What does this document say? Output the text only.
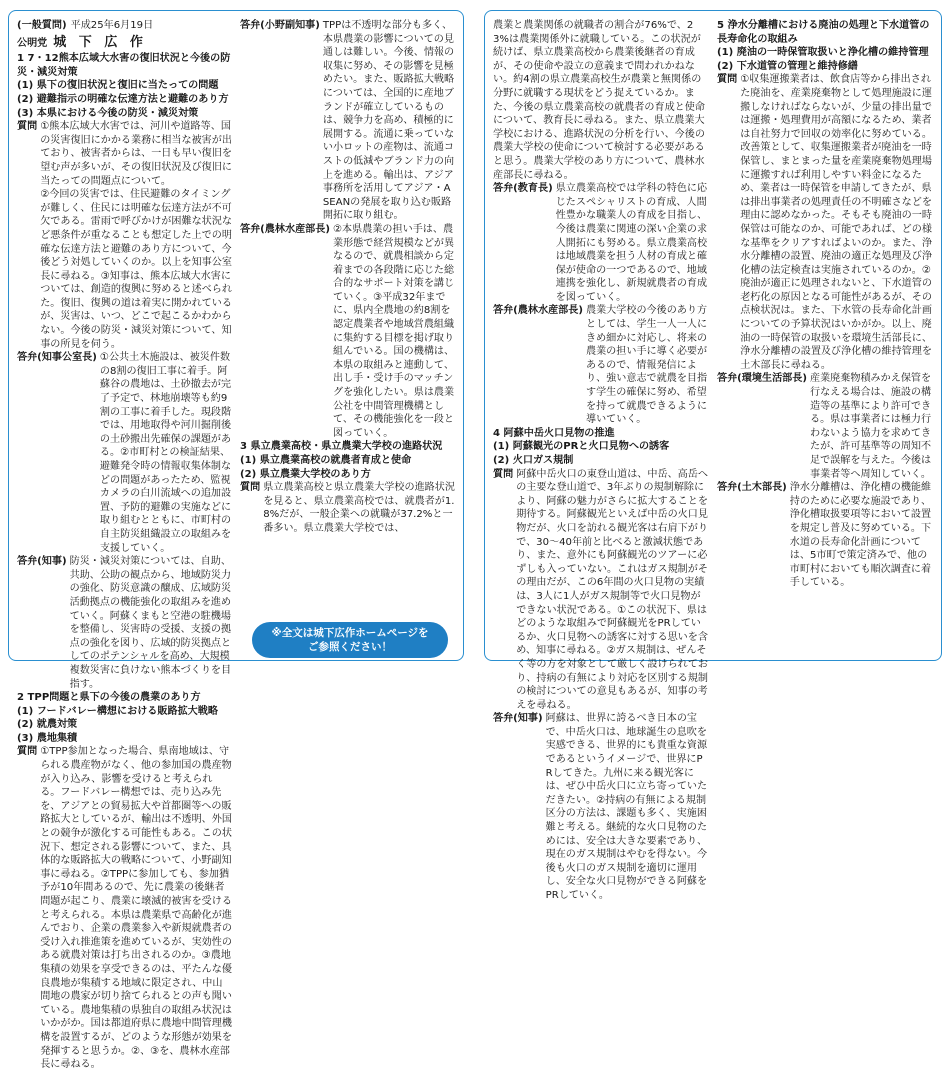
(一般質問) 平成25年6月19日
公明党 城 下 広 作

1 7・12熊本広域大水害の復旧状況と今後の防災・減災対策

(1) 県下の復旧状況と復旧に当たっての問題

(2) 避難指示の明確な伝達方法と避難のあり方

(3) 本県における今後の防災・減災対策

質問 ①熊本広域大水害では、河川や道路等、国の災害復旧にかかる業務に相当な被害が出ており、被害者からは、一日も早い復旧を望む声が多いが、その復旧状況及び復旧に当たっての問題点について。

②今回の災害では、住民避難のタイミングが難しく、住民には明確な伝達方法が不可欠である。雷雨で呼びかけが困難な状況など悪条件が重なることも想定した上での明確な伝達方法と避難のあり方について、今後どう対処していくのか。以上を知事公室長に尋ねる。③知事は、熊本広域大水害については、創造的復興に努めると述べられた。復旧、復興の道は着実に開かれているが、災害は、いつ、どこで起こるかわからない。今後の防災・減災対策について、知事の所見を伺う。

答弁(知事公室長) ①公共土木施設は、被災件数の8割の復旧工事に着手。阿蘇谷の農地は、土砂撤去が完了予定で、林地崩壊等も約9割の工事に着手した。現段階では、用地取得や河川掘削後の土砂搬出先確保の課題がある。②市町村との検証結果、避難発令時の情報収集体制などの問題があったため、監視カメラの白川流域への追加設置、予防的避難の実施などに取り組むとともに、市町村の自主防災組織設立の取組みを支援していく。

答弁(知事) 防災・減災対策については、自助、共助、公助の観点から、地域防災力の強化、防災意識の醸成、広域防災活動拠点の機能強化の取組みを進めていく。阿蘇くまもと空港の駐機場を整備し、災害時の受援、支援の拠点の強化を図り、広域的防災拠点としてのポテンシャルを高め、大規模複数災害に負けない熊本づくりを目指す。

2 TPP問題と県下の今後の農業のあり方

(1) フードバレー構想における販路拡大戦略

(2) 就農対策

(3) 農地集積

質問 ①TPP参加となった場合、県南地域は、守られる農産物がなく、他の参加国の農産物が入り込み、影響を受けると考えられる。フードバレー構想では、売り込み先を、アジアとの貿易拡大や首都圏等への販路拡大としているが、輸出は不透明、外国との競争が激化する可能性もある。この状況下、想定される影響について、また、具体的な販路拡大の戦略について、小野副知事に尋ねる。②TPPに参加しても、参加猶予が10年間あるので、先に農業の後継者問題が起こり、農業に壊滅的被害を受けると考えられる。本県は農業県で高齢化が進んでおり、企業の農業参入や新規就農者の受け入れ推進策を進めているが、実効性のある就農対策は打ち出されるのか。③農地集積の効果を享受できるのは、平たんな優良農地が集積する地域に限定され、中山間地の農家が切り捨てられるとの声も聞いている。農地集積の県独自の取組み状況はいかがか。国は都道府県に農地中間管理機構を設置するが、どのような形態が効果を発揮すると思うか。②、③を、農林水産部長に尋ねる。

答弁(小野副知事) TPPは不透明な部分も多く、本県農業の影響についての見通しは難しい。今後、情報の収集に努め、その影響を見極めたい。また、販路拡大戦略については、全国的に産地ブランドが確立しているものは、競争力を高め、積極的に展開する。流通に乗っていない小ロットの産物は、流通コストの低減やブランド力の向上を進める。輸出は、アジア事務所を活用してアジア・ASEANの発展を取り込む販路開拓に取り組む。

答弁(農林水産部長) ②本県農業の担い手は、農業形態で経営規模などが異なるので、就農相談から定着までの各段階に応じた総合的なサポート対策を講じていく。③平成32年までに、県内全農地の約8割を認定農業者や地域営農組織に集約する目標を掲げ取り組んでいる。国の機構は、本県の取組みと連動して、出し手・受け手のマッチングを強化したい。県は農業公社を中間管理機構として、その機能強化を一段と図っていく。

3 県立農業高校・県立農業大学校の進路状況

(1) 県立農業高校の就農者育成と使命

(2) 県立農業大学校のあり方

質問 県立農業高校と県立農業大学校の進路状況を見ると、県立農業高校では、就農者が1.8%だが、一般企業への就職が37.2%と一番多い。県立農業大学校では、

農業と農業関係の就職者の割合が76%で、23%は農業関係外に就職している。この状況が続けば、県立農業高校から農業後継者の育成が、その使命や設立の意義まで問われかねない。約4割の県立農業高校生が農業と無関係の分野に就職する現状をどう捉えているか。また、今後の県立農業高校の就農者の育成と使命について、教育長に尋ねる。また、県立農業大学校における、進路状況の分析を行い、今後の農業大学校の使命について検討する必要があると思う。農業大学校のあり方について、農林水産部長に尋ねる。

答弁(教育長) 県立農業高校では学科の特色に応じたスペシャリストの育成、人間性豊かな職業人の育成を目指し、今後は農業に関連の深い企業の求人開拓にも努める。県立農業高校は地域農業を担う人材の育成と確保が使命の一つであるので、地域連携を強化し、新規就農者の育成を図っていく。

答弁(農林水産部長) 農業大学校の今後のあり方としては、学生一人一人にきめ細かに対応し、将来の農業の担い手に導く必要があるので、情報発信により、強い意志で就農を目指す学生の確保に努め、希望を持って就農できるように導いていく。

4 阿蘇中岳火口見物の推進

(1) 阿蘇観光のPRと火口見物への誘客

(2) 火口ガス規制

質問 阿蘇中岳火口の東登山道は、中岳、高岳への主要な登山道で、3年ぶりの規制解除により、阿蘇の魅力がさらに拡大することを期待する。阿蘇観光といえば中岳の火口見物だが、火口を訪れる観光客は右肩下がりで、30〜40年前と比べると激減状態であり、また、意外にも阿蘇観光のツアーに必ずしも入っていない。これはガス規制がその理由だが、この6年間の火口見物の実績は、3人に1人がガス規制等で火口見物ができない状況である。①この状況下、県はどのような取組みで阿蘇観光をPRしているか、火口見物への誘客に対する思いを含め、知事に尋ねる。②ガス規制は、ぜんそく等の方を対象として厳しく設けられており、持病の有無により対応を区別する規制の検討についての意見もあるが、知事の考えを尋ねる。

答弁(知事) 阿蘇は、世界に誇るべき日本の宝で、中岳火口は、地球誕生の息吹を実感できる、世界的にも貴重な資源であるというイメージで、世界にPRしてきた。九州に来る観光客には、ぜひ中岳火口に立ち寄っていただきたい。②持病の有無による規制区分の方法は、課題も多く、実施困難と考える。継続的な火口見物のためには、安全は大きな要素であり、現在のガス規制はやむを得ない。今後も火口のガス規制を適切に運用し、安全な火口見物ができる阿蘇をPRしていく。

5 浄水分離槽における廃油の処理と下水道管の長寿命化の取組み

(1) 廃油の一時保管取扱いと浄化槽の維持管理

(2) 下水道管の管理と維持修繕

質問 ①収集運搬業者は、飲食店等から排出された廃油を、産業廃棄物として処理施設に運搬しなければならないが、少量の排出量では運搬・処理費用が高額になるため、業者は自社努力で回収の効率化に努めている。改善策として、収集運搬業者が廃油を一時保管し、まとまった量を産業廃棄物処理場に運搬すれば利用しやすい料金になるため、業者は一時保管を申請してきたが、県は排出事業者の処理責任の不明確さなどを理由に認めなかった。そもそも廃油の一時保管は可能なのか、可能であれば、どの様な基準をクリアすればよいのか。また、浄水分離槽の設置、廃油の適正な処理及び浄化槽の法定検査は実施されているのか。②廃油が適正に処理されないと、下水道管の老朽化の原因となる可能性があるが、その点検状況は。また、下水管の長寿命化計画についての予算状況はいかがか。以上、廃油の一時保管の取扱いを環境生活部長に、浄水分離槽の設置及び浄化槽の維持管理を土木部長に尋ねる。

答弁(環境生活部長) 産業廃棄物積みかえ保管を行なえる場合は、施設の構造等の基準により許可できる。県は事業者には極力行わないよう協力を求めてきたが、許可基準等の周知不足で誤解を与えた。今後は事業者等へ周知していく。

答弁(土木部長) 浄水分離槽は、浄化槽の機能維持のために必要な施設であり、浄化槽取扱要項等において設置を規定し普及に努めている。下水道の長寿命化計画については、5市町で策定済みで、他の市町村においても順次調査に着手している。

※全文は城下広作ホームページを
ご参照ください！
